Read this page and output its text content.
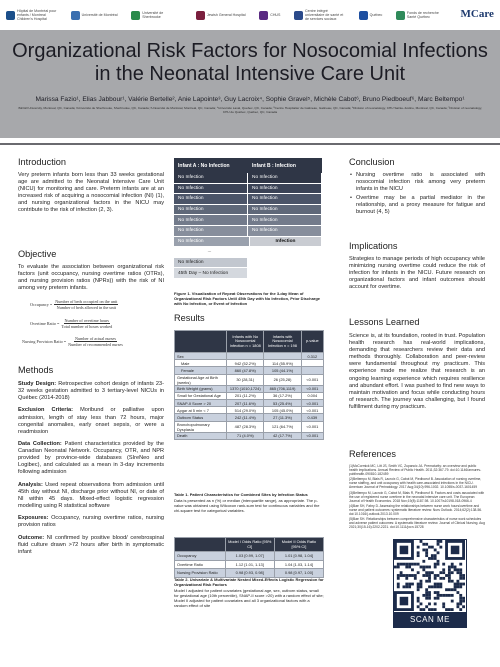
Hôpital de Montréal pour enfants / Montreal Children's Hospital
Université de Montréal
Université de Sherbrooke
Jewish General Hospital	CHUS
Centre intégré universitaire de santé et de services sociaux
Québec
Fonds de recherche Santé Québec	MCare
Organizational Risk Factors for Nosocomial Infections in the Neonatal Intensive Care Unit
Marissa Fazio¹, Elias Jabbour¹, Valérie Bertelle², Anie Lapointe³, Guy Lacroix⁴, Sophie Gravel⁵, Michèle Cabot⁶, Bruno Piedboeuf⁶, Marc Beltempo¹
¹McGill University, Montreal, QC, Canada; ²Université de Sherbrooke, Sherbrooke, QC, Canada; ³Université de Montréal, Montreal, QC, Canada; ⁴Université Laval, Quebec, QC, Canada; ⁵Centre Hospitalier de Gatineau, Gatineau, QC, Canada; ⁶Division of neonatology, CHU Sainte-Justine, Montreal, QC, Canada; ⁷Division of neonatology, CHU de Québec, Québec, QC, Canada
Introduction

Very preterm infants born less than 33 weeks gestational age are admitted to the Neonatal Intensive Care Unit (NICU) for monitoring and care. Preterm infants are at an increased risk of acquiring a nosocomial infection (NI) (1), and nursing organizational factors in the NICU may contribute to the risk of infection (2, 3).

Objective

To evaluate the association between organizational risk factors (unit occupancy, nursing overtime ratios (OTRs), and nursing provision ratios (NPRs)) with the risk of NI among very preterm infants.

Occupancy = $\frac{\text{Number of beds occupied on the unit}}{\text{Number of beds allowed in the unit}}$
Overtime Ratio = $\frac{\text{Number of overtime hours}}{\text{Total number of hours worked}}$
Nursing Provision Ratio = $\frac{\text{Number of actual nurses}}{\text{Number of recommended nurses}}$
Methods

Study Design: Retrospective cohort design of infants 23-32 weeks gestation admitted to 3 tertiary-level NICUs in Québec (2014-2018)

Exclusion Criteria: Moribund or palliative upon admission, length of stay less than 72 hours, major congenital anomalies, early onset sepsis, or were a readmission

Data Collection: Patient characteristics provided by the Canadian Neonatal Network. Occupancy, OTR, and NPR provided by province-wide databases (SIreNeo and Logibec), and calculated as a mean in 3-day increments following admission

Analysis: Used repeat observations from admission until 45th day without NI, discharge prior without NI, or date of NI within 45 days. Mixed-effect logistic regression modelling using R statistical software

Exposures: Occupancy, nursing overtime ratios, nursing provision ratios

Outcome: NI confirmed by positive blood/ cerebrospinal fluid culture drawn >72 hours after birth in symptomatic infant

Infant A : No Infection	Infant B : Infection
No Infection	No Infection
No Infection	No Infection
No Infection	No Infection
No Infection	No Infection
No Infection	No Infection
No Infection	No Infection
No Infection	Infection
...
No Infection
45th Day – No Infection

Figure 1. Visualization of Repeat Observations for the 3-day Mean of Organizational Risk Factors Until 45th Day with No Infection, Prior Discharge with No Infection, or Event of Infection

Results
	Infants with No Nosocomial Infection n = 1808	Infants with Nosocomial Infection n = 198	p-value
Sex			0.312
Male	942 (52.2%)	114 (55.9%)	
Female	860 (47.8%)	105 (44.1%)	
Gestational Age at Birth (weeks)	30 (28,31)	26 (25,28)	<0.001
Birth Weight (grams)	1370 (1010,1724)	865 (706,1119)	<0.001
Small for Gestational Age	201 (11.2%)	36 (17.2%)	0.004
SNAP-II Score > 20	207 (11.6%)	53 (25.4%)	<0.001
Apgar at 5 min < 7	514 (29.0%)	105 (45.0%)	<0.001
Outborn Status	242 (11.4%)	27 (11.3%)	0.439
Bronchopulmonary Dysplasia	487 (28.3%)	121 (64.7%)	<0.001
Death	71 (4.0%)	42 (17.7%)	<0.001

Table 1. Patient Characteristics for Combined Sites by Infection Status

Data is presented as n (%) or median (interquartile range), as appropriate. The p-value was obtained using Wilcoxon rank-sum test for continuous variables and the chi-square test for categorical variables.

	Model I Odds Ratio [95% CI]	Model II Odds Ratio [95% CI]
Occupancy	1.03 [0.99, 1.07]	1.01 [0.98, 1.04]
Overtime Ratio	1.12 [1.01, 1.13]	1.04 [1.03, 1.14]
Nursing Provision Ratio	0.98 [0.93, 0.98]	0.98 [0.97, 1.00]

Table 2. Univariate & Multivariate Nested Mixed-Effects Logistic Regression for Organizational Risk Factors

Model I adjusted for patient covariates (gestational age, sex, outborn status, small for gestational age (10th percentile), SNAP-II score >20) with a random effect of site; Model II adjusted for patient covariates and all 3 organizational factors with a random effect of site

Conclusion
• Nursing overtime ratio is associated with nosocomial infection risk among very preterm infants in the NICU
• Overtime may be a partial mediator in the relationship, and a proxy measure for fatigue and burnout (4, 5)
Implications

Strategies to manage periods of high occupancy while minimizing nursing overtime could reduce the risk of infection for infants in the NICU. Future research on organizational factors and infant outcomes should account for overtime.

Lessons Learned

Science is, at its foundation, rooted in trust. Population health research has real-world implications, demanding that researchers review their data and methods thoroughly. Collaboration and peer-review were fundamental throughout my practicum. This experience made me realize that research is an ongoing learning experience which requires resilience and abundant effort. I was pushed to find new ways to maintain motivation and focus while conducting hours of research. The journey was challenging, but I found fulfillment during my practicum.

References

(1)McCormick MC, Litt JS, Smith VC, Zupancic JA. Prematurity: an overview and public health implications. Annual Review of Public Health. 2011;32:367-79. doi:10.1146/annurev-publhealth-090810-182459

(2)Beltempo M, Blais R, Lacroix G, Cabot M, Piedboeuf B. Association of nursing overtime, nurse staffing, and unit occupancy with health care-associated infections in the NICU. American Journal of Perinatology. 2017 Aug;34(10):996-1002. 10.1055/s-0037-1601459

(3)Beltempo M, Lacroix G, Cabot M, Blais R, Piedboeuf B. Factors and costs associated with the use of registered nurse overtime in the neonatal intensive care unit. The European Journal of Health Economics. 2018 Nov;19(8):1187-98. 10.1007/s10198-018-0966-4

(4)Bae SH, Fabry D. Assessing the relationships between nurse work hours/overtime and nurse and patient outcomes: systematic literature review. Nurs Outlook. 2014;62(2):138-56. doi:10.1016/j.outlook.2013.10.009

(5)Bae SH. Relationships between comprehensive characteristics of nurse work schedules and adverse patient outcomes: A systematic literature review. Journal of Clinical Nursing. Aug 2021;30(15-16):2202-2221. doi:10.1111/jocn.15728

SCAN ME
